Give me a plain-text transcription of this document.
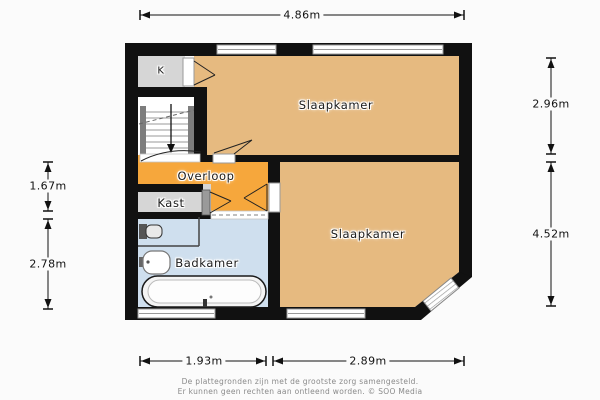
K
Slaapkamer
Overloop
Kast
Badkamer
Slaapkamer
4.86m
1.93m	2.89m
1.67m
2.78m
2.96m
4.52m
De plattegronden zijn met de grootste zorg samengesteld.
Er kunnen geen rechten aan ontleend worden. © SOO Media
